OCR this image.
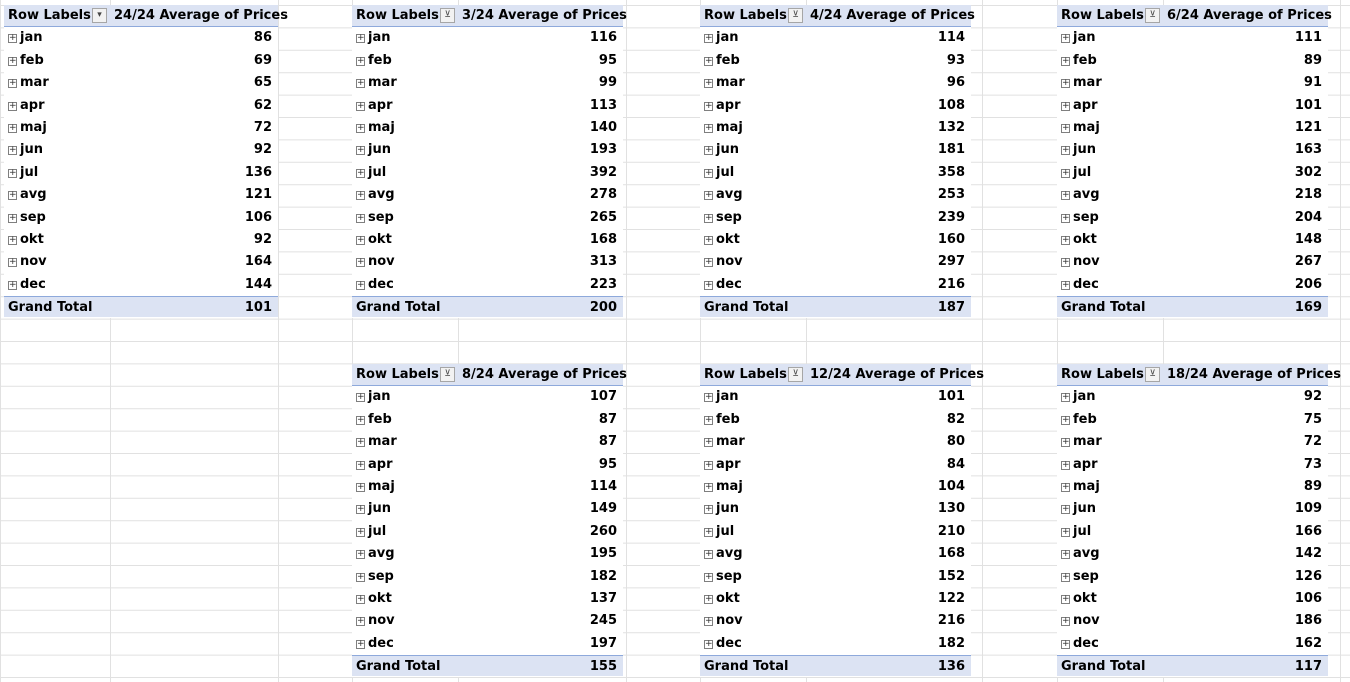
Row Labels ▾ 24/24 Average of Prices
+ jan	86
+ feb	69
+ mar	65
+ apr	62
+ maj	72
+ jun	92
+ jul	136
+ avg	121
+ sep	106
+ okt	92
+ nov	164
+ dec	144
Grand Total	101
Row Labels ⊻ 3/24 Average of Prices
+ jan	116
+ feb	95
+ mar	99
+ apr	113
+ maj	140
+ jun	193
+ jul	392
+ avg	278
+ sep	265
+ okt	168
+ nov	313
+ dec	223
Grand Total	200
Row Labels ⊻ 4/24 Average of Prices
+ jan	114
+ feb	93
+ mar	96
+ apr	108
+ maj	132
+ jun	181
+ jul	358
+ avg	253
+ sep	239
+ okt	160
+ nov	297
+ dec	216
Grand Total	187
Row Labels ⊻ 6/24 Average of Prices
+ jan	111
+ feb	89
+ mar	91
+ apr	101
+ maj	121
+ jun	163
+ jul	302
+ avg	218
+ sep	204
+ okt	148
+ nov	267
+ dec	206
Grand Total	169
Row Labels ⊻ 8/24 Average of Prices
+ jan	107
+ feb	87
+ mar	87
+ apr	95
+ maj	114
+ jun	149
+ jul	260
+ avg	195
+ sep	182
+ okt	137
+ nov	245
+ dec	197
Grand Total	155
Row Labels ⊻ 12/24 Average of Prices
+ jan	101
+ feb	82
+ mar	80
+ apr	84
+ maj	104
+ jun	130
+ jul	210
+ avg	168
+ sep	152
+ okt	122
+ nov	216
+ dec	182
Grand Total	136
Row Labels ⊻ 18/24 Average of Prices
+ jan	92
+ feb	75
+ mar	72
+ apr	73
+ maj	89
+ jun	109
+ jul	166
+ avg	142
+ sep	126
+ okt	106
+ nov	186
+ dec	162
Grand Total	117
